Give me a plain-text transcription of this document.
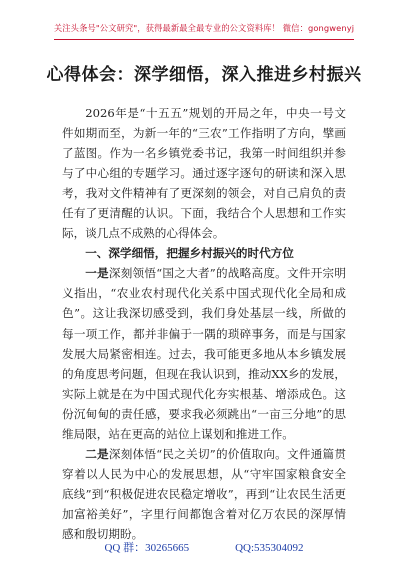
关注头条号"公文研究"，获得最新最全最专业的公文资料库！ 微信：gongwenyj
心得体会：深学细悟，深入推进乡村振兴

2026年是“十五五”规划的开局之年，中央一号文件如期而至，为新一年的“三农”工作指明了方向，擘画了蓝图。作为一名乡镇党委书记，我第一时间组织并参与了中心组的专题学习。通过逐字逐句的研读和深入思考，我对文件精神有了更深刻的领会，对自己肩负的责任有了更清醒的认识。下面，我结合个人思想和工作实际，谈几点不成熟的心得体会。

一、深学细悟，把握乡村振兴的时代方位

一是深刻领悟“国之大者”的战略高度。文件开宗明义指出，“农业农村现代化关系中国式现代化全局和成色”。这让我深切感受到，我们身处基层一线，所做的每一项工作，都并非偏于一隅的琐碎事务，而是与国家发展大局紧密相连。过去，我可能更多地从本乡镇发展的角度思考问题，但现在我认识到，推动XX乡的发展，实际上就是在为中国式现代化夯实根基、增添成色。这份沉甸甸的责任感，要求我必须跳出“一亩三分地”的思维局限，站在更高的站位上谋划和推进工作。

二是深刻体悟“民之关切”的价值取向。文件通篇贯穿着以人民为中心的发展思想，从“守牢国家粮食安全底线”到“积极促进农民稳定增收”，再到“让农民生活更加富裕美好”，字里行间都饱含着对亿万农民的深厚情感和殷切期盼。

QQ 群：30265665	QQ:535304092
